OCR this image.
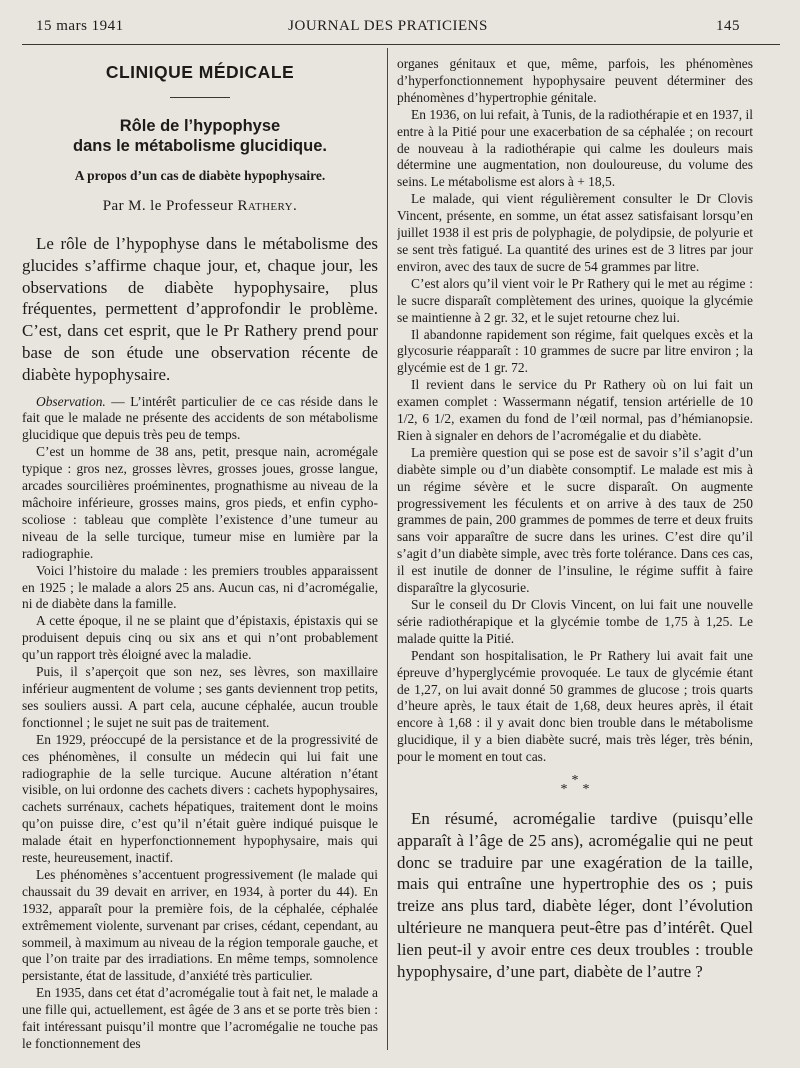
15 mars 1941	JOURNAL DES PRATICIENS	145
CLINIQUE MÉDICALE
Rôle de l’hypophyse
dans le métabolisme glucidique.
A propos d’un cas de diabète hypophysaire.
Par M. le Professeur Rathery.

Le rôle de l’hypophyse dans le métabolisme des glucides s’affirme chaque jour, et, chaque jour, les observations de diabète hypophysaire, plus fréquentes, permettent d’approfondir le problème. C’est, dans cet esprit, que le Pr Rathery prend pour base de son étude une observation récente de diabète hypophysaire.

Observation. — L’intérêt particulier de ce cas réside dans le fait que le malade ne présente des accidents de son métabolisme glucidique que depuis très peu de temps.

C’est un homme de 38 ans, petit, presque nain, acromégale typique : gros nez, grosses lèvres, grosses joues, grosse langue, arcades sourcilières proéminentes, prognathisme au niveau de la mâchoire inférieure, grosses mains, gros pieds, et enfin cypho-scoliose : tableau que complète l’existence d’une tumeur au niveau de la selle turcique, tumeur mise en lumière par la radiographie.

Voici l’histoire du malade : les premiers troubles apparaissent en 1925 ; le malade a alors 25 ans. Aucun cas, ni d’acromégalie, ni de diabète dans la famille.

A cette époque, il ne se plaint que d’épistaxis, épistaxis qui se produisent depuis cinq ou six ans et qui n’ont probablement qu’un rapport très éloigné avec la maladie.

Puis, il s’aperçoit que son nez, ses lèvres, son maxillaire inférieur augmentent de volume ; ses gants deviennent trop petits, ses souliers aussi. A part cela, aucune céphalée, aucun trouble fonctionnel ; le sujet ne suit pas de traitement.

En 1929, préoccupé de la persistance et de la progressivité de ces phénomènes, il consulte un médecin qui lui fait une radiographie de la selle turcique. Aucune altération n’étant visible, on lui ordonne des cachets divers : cachets hypophysaires, cachets surrénaux, cachets hépatiques, traitement dont le moins qu’on puisse dire, c’est qu’il n’était guère indiqué puisque le malade était en hyperfonctionnement hypophysaire, mais qui reste, heureusement, inactif.

Les phénomènes s’accentuent progressivement (le malade qui chaussait du 39 devait en arriver, en 1934, à porter du 44). En 1932, apparaît pour la première fois, de la céphalée, céphalée extrêmement violente, survenant par crises, cédant, cependant, au sommeil, à maximum au niveau de la région temporale gauche, et que l’on traite par des irradiations. En même temps, somnolence persistante, état de lassitude, d’anxiété très particulier.

En 1935, dans cet état d’acromégalie tout à fait net, le malade a une fille qui, actuellement, est âgée de 3 ans et se porte très bien : fait intéressant puisqu’il montre que l’acromégalie ne touche pas le fonctionnement des

organes génitaux et que, même, parfois, les phénomènes d’hyperfonctionnement hypophysaire peuvent déterminer des phénomènes d’hypertrophie génitale.

En 1936, on lui refait, à Tunis, de la radiothérapie et en 1937, il entre à la Pitié pour une exacerbation de sa céphalée ; on recourt de nouveau à la radiothérapie qui calme les douleurs mais détermine une augmentation, non douloureuse, du volume des seins. Le métabolisme est alors à + 18,5.

Le malade, qui vient régulièrement consulter le Dr Clovis Vincent, présente, en somme, un état assez satisfaisant lorsqu’en juillet 1938 il est pris de polyphagie, de polydipsie, de polyurie et se sent très fatigué. La quantité des urines est de 3 litres par jour environ, avec des taux de sucre de 54 grammes par litre.

C’est alors qu’il vient voir le Pr Rathery qui le met au régime : le sucre disparaît complètement des urines, quoique la glycémie se maintienne à 2 gr. 32, et le sujet retourne chez lui.

Il abandonne rapidement son régime, fait quelques excès et la glycosurie réapparaît : 10 grammes de sucre par litre environ ; la glycémie est de 1 gr. 72.

Il revient dans le service du Pr Rathery où on lui fait un examen complet : Wassermann négatif, tension artérielle de 10 1/2, 6 1/2, examen du fond de l’œil normal, pas d’hémianopsie. Rien à signaler en dehors de l’acromégalie et du diabète.

La première question qui se pose est de savoir s’il s’agit d’un diabète simple ou d’un diabète consomptif. Le malade est mis à un régime sévère et le sucre disparaît. On augmente progressivement les féculents et on arrive à des taux de 250 grammes de pain, 200 grammes de pommes de terre et deux fruits sans voir apparaître de sucre dans les urines. C’est dire qu’il s’agit d’un diabète simple, avec très forte tolérance. Dans ces cas, il est inutile de donner de l’insuline, le régime suffit à faire disparaître la glycosurie.

Sur le conseil du Dr Clovis Vincent, on lui fait une nouvelle série radiothérapique et la glycémie tombe de 1,75 à 1,25. Le malade quitte la Pitié.

Pendant son hospitalisation, le Pr Rathery lui avait fait une épreuve d’hyperglycémie provoquée. Le taux de glycémie étant de 1,27, on lui avait donné 50 grammes de glucose ; trois quarts d’heure après, le taux était de 1,68, deux heures après, il était encore à 1,68 : il y avait donc bien trouble dans le métabolisme glucidique, il y a bien diabète sucré, mais très léger, très bénin, pour le moment en tout cas.

*
* *

En résumé, acromégalie tardive (puisqu’elle apparaît à l’âge de 25 ans), acromégalie qui ne peut donc se traduire par une exagération de la taille, mais qui entraîne une hypertrophie des os ; puis treize ans plus tard, diabète léger, dont l’évolution ultérieure ne manquera peut-être pas d’intérêt. Quel lien peut-il y avoir entre ces deux troubles : trouble hypophysaire, d’une part, diabète de l’autre ?
